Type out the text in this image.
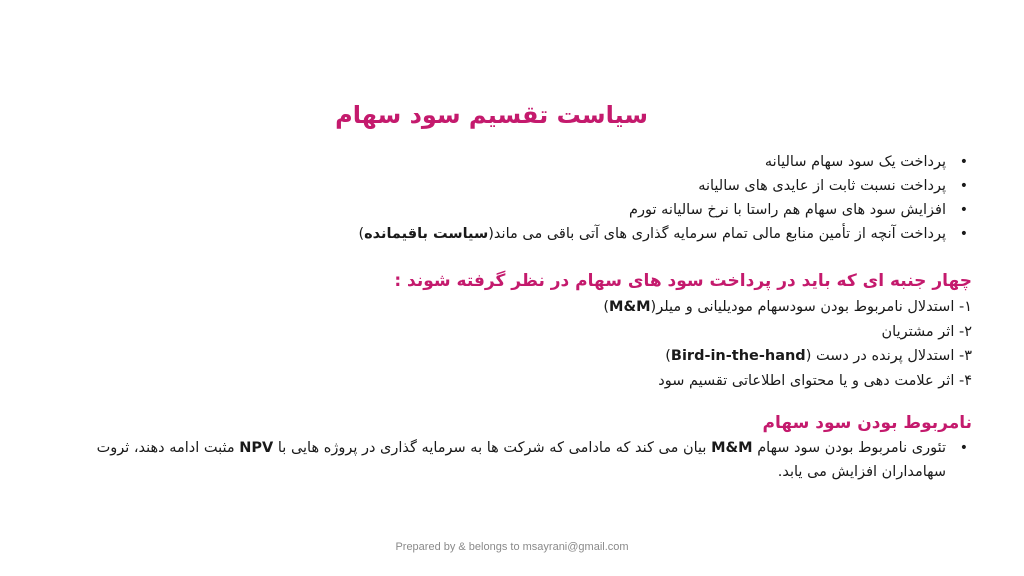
سیاست تقسیم سود سهام
• پرداخت یک سود سهام سالیانه
• پرداخت نسبت ثابت از عایدی های سالیانه
• افزایش سود های سهام هم راستا با نرخ سالیانه تورم
• پرداخت آنچه از تأمین منابع مالی تمام سرمایه گذاری های آتی باقی می ماند(سیاست باقیمانده)
چهار جنبه ای که باید در پرداخت سود های سهام در نظر گرفته شوند :
۱- استدلال نامربوط بودن سودسهام مودیلیانی و میلر(M&M)
۲- اثر مشتریان
۳- استدلال پرنده در دست (Bird-in-the-hand)
۴- اثر علامت دهی و یا محتوای اطلاعاتی تقسیم سود
نامربوط بودن سود سهام
• تئوری نامربوط بودن سود سهام M&M بیان می کند که مادامی که شرکت ها به سرمایه گذاری در پروژه هایی با NPV مثبت ادامه دهند، ثروت سهامداران افزایش می یابد.
Prepared by & belongs to msayrani@gmail.com
